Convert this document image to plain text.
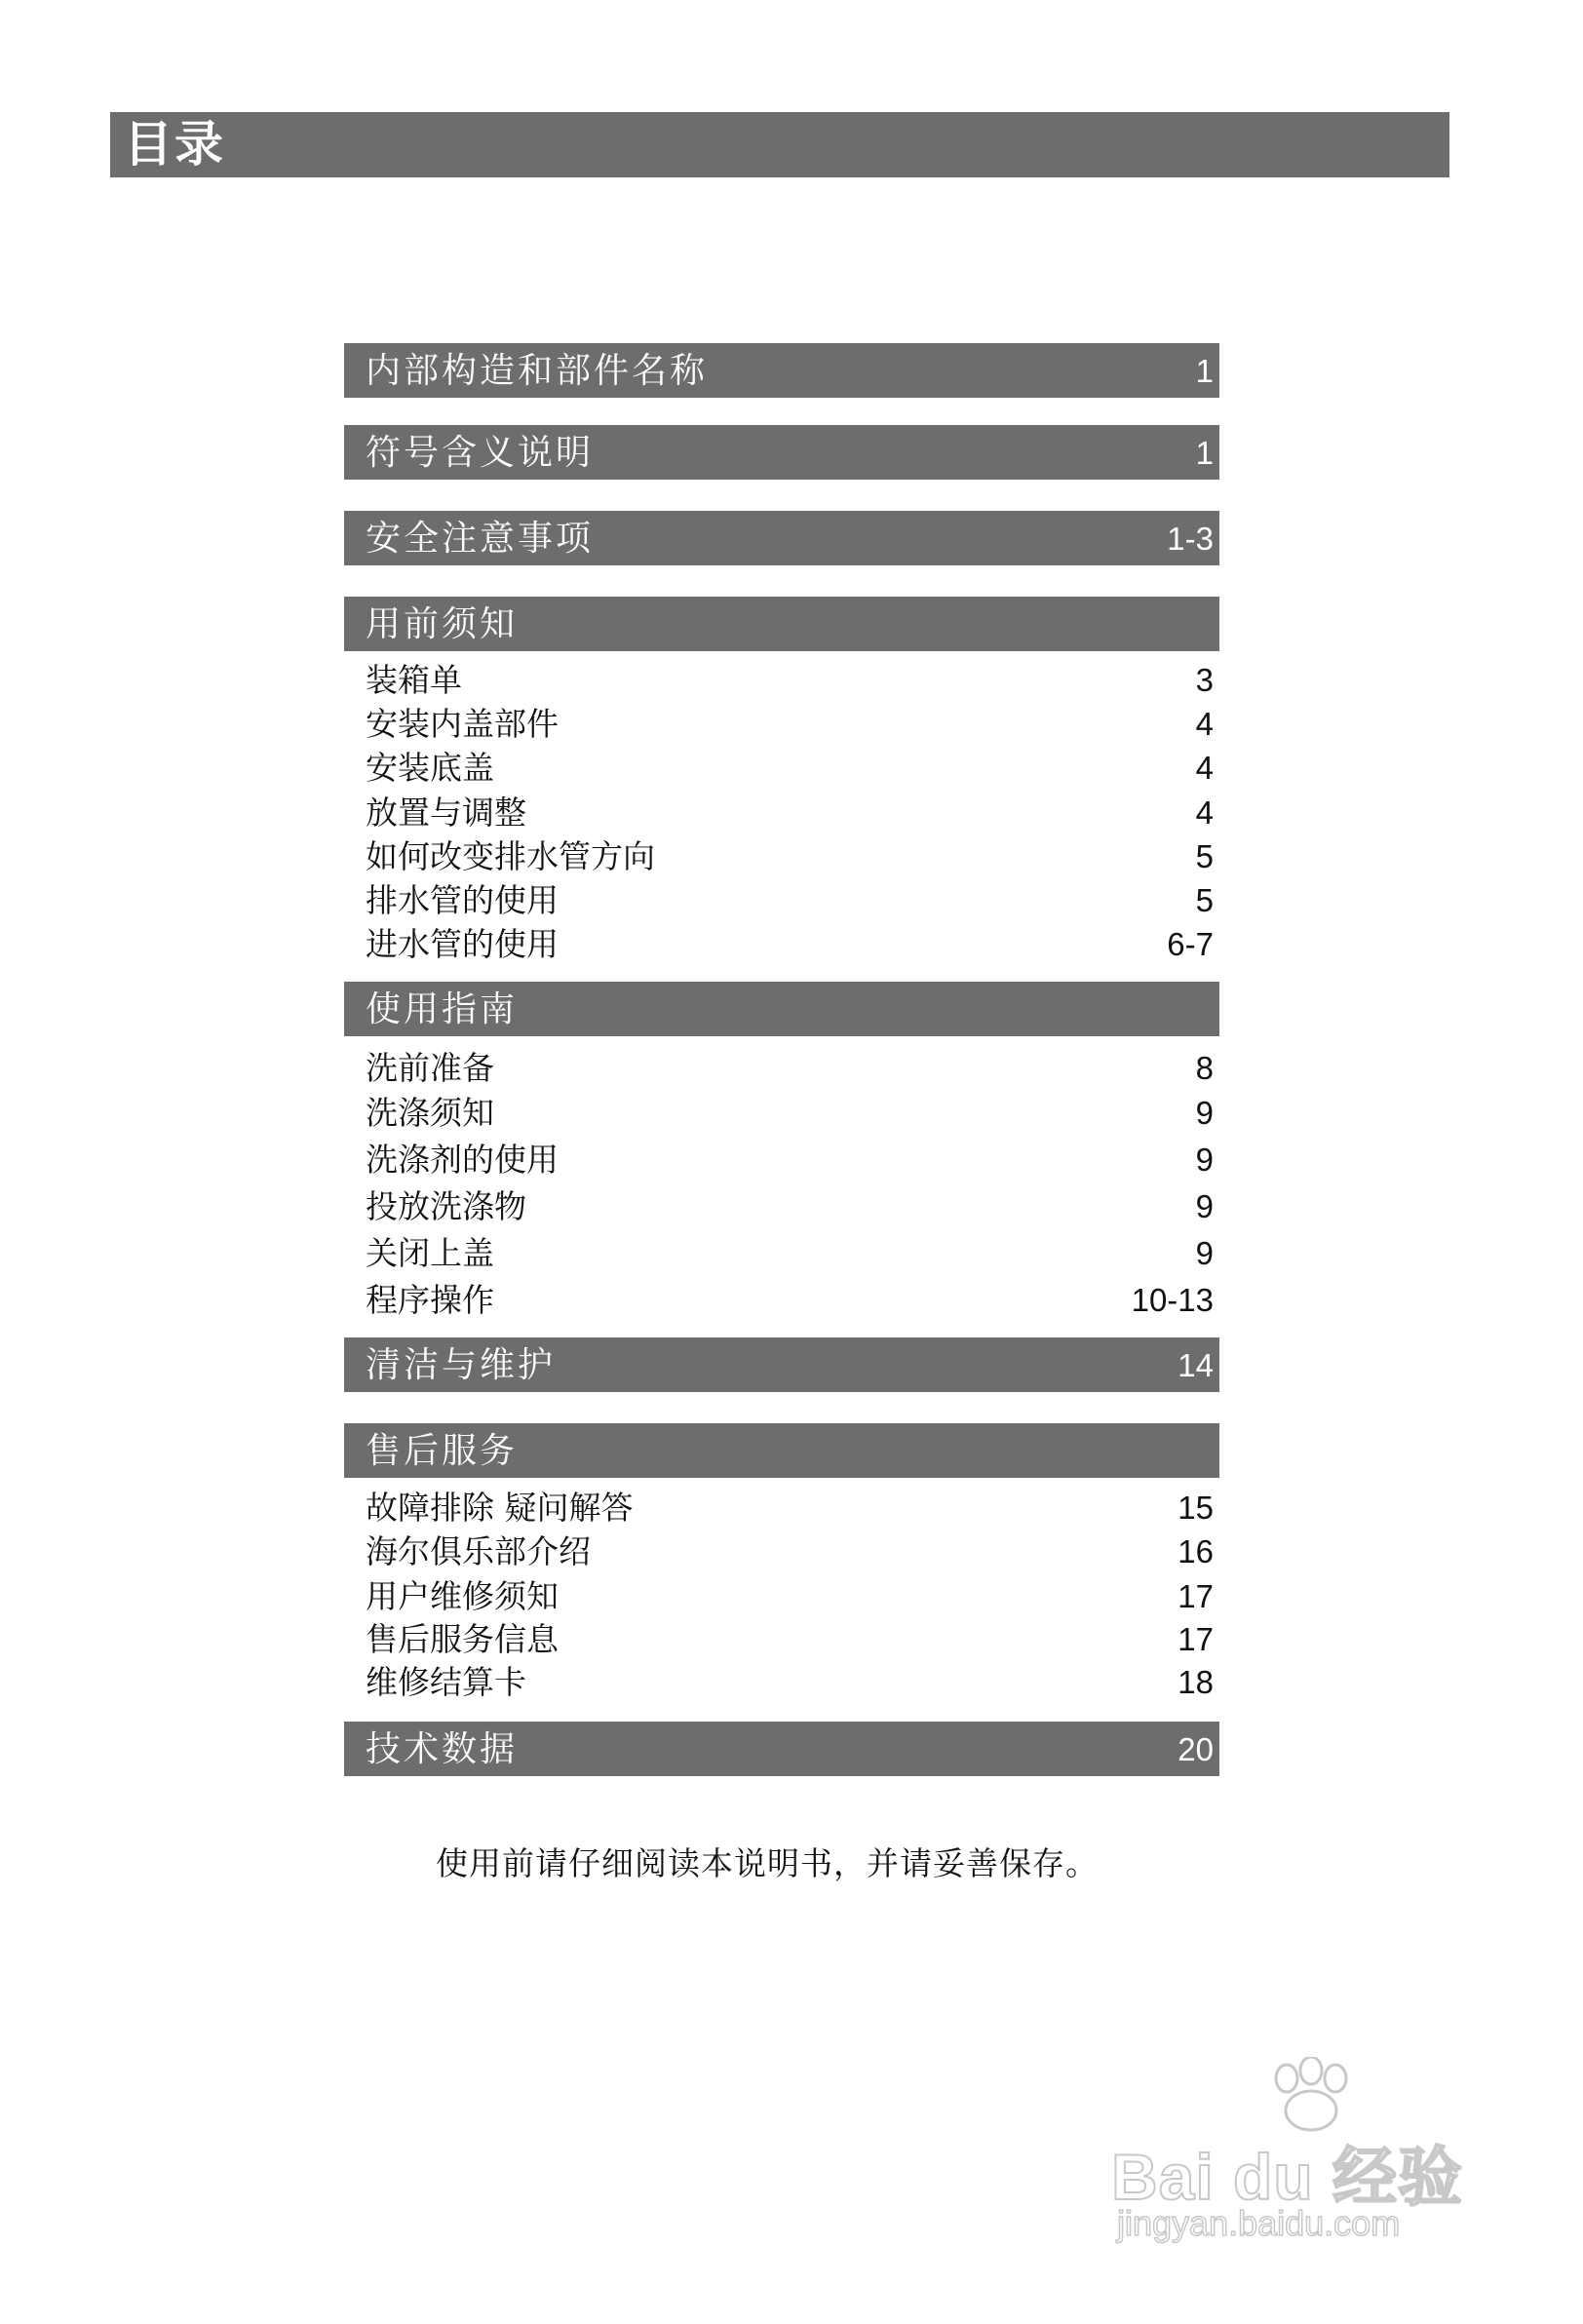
目录
内部构造和部件名称	1
符号含义说明	1
安全注意事项	1-3
用前须知
装箱单	3
安装内盖部件	4
安装底盖	4
放置与调整	4
如何改变排水管方向	5
排水管的使用	5
进水管的使用	6-7
使用指南
洗前准备	8
洗涤须知	9
洗涤剂的使用	9
投放洗涤物	9
关闭上盖	9
程序操作	10-13
清洁与维护	14
售后服务
故障排除 疑问解答	15
海尔俱乐部介绍	16
用户维修须知	17
售后服务信息	17
维修结算卡	18
技术数据	20
使用前请仔细阅读本说明书，并请妥善保存。
Bai du 经验
jingyan.baidu.com
